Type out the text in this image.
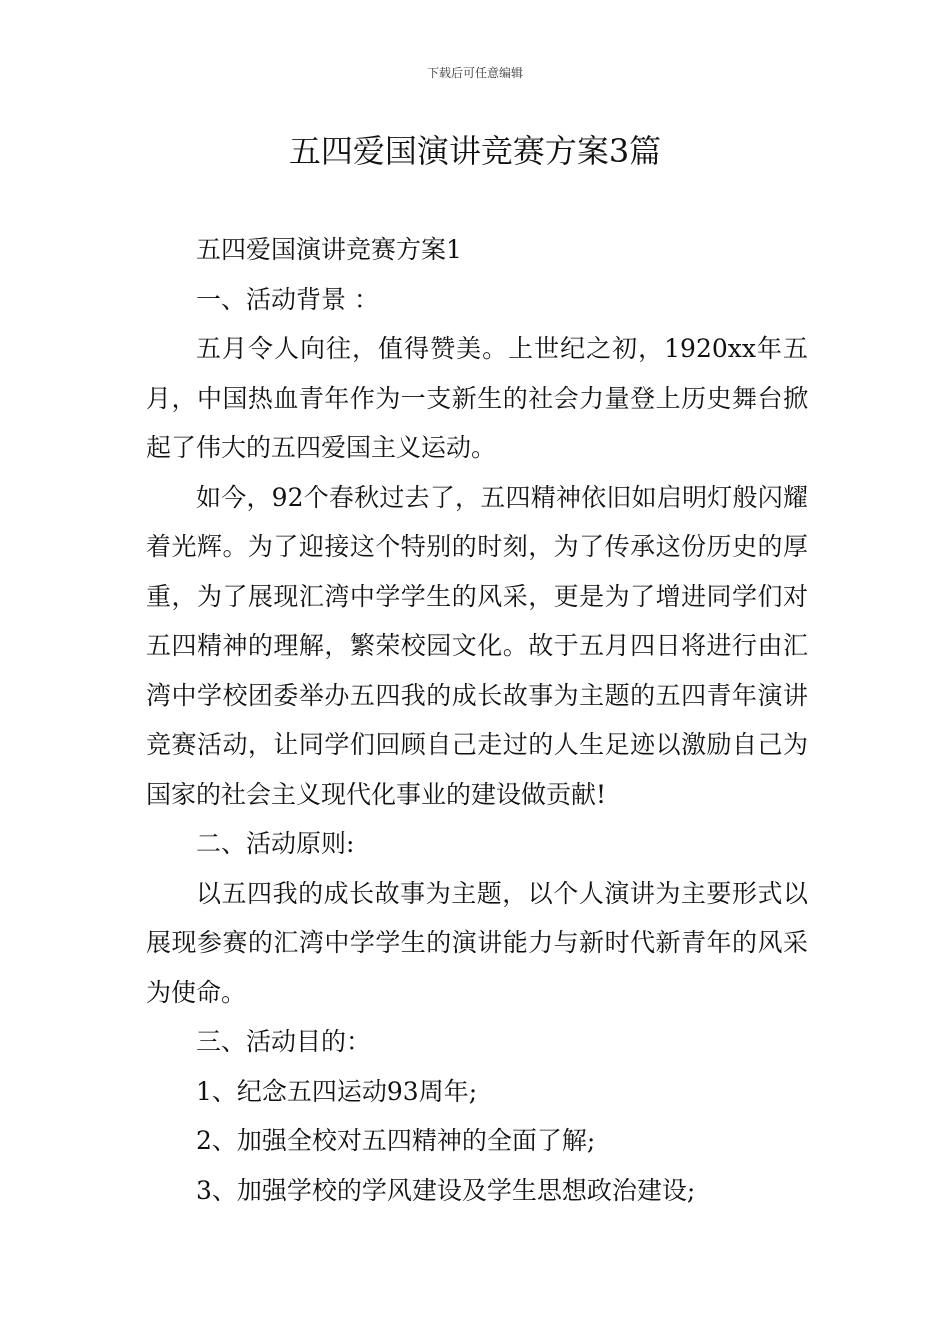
下载后可任意编辑
五四爱国演讲竞赛方案3篇

五四爱国演讲竞赛方案1

一、活动背景 ：

五月令人向往，值得赞美。上世纪之初，1920xx年五月，中国热血青年作为一支新生的社会力量登上历史舞台掀起了伟大的五四爱国主义运动。

如今，92个春秋过去了，五四精神依旧如启明灯般闪耀着光辉。为了迎接这个特别的时刻，为了传承这份历史的厚重，为了展现汇湾中学学生的风采，更是为了增进同学们对五四精神的理解，繁荣校园文化。故于五月四日将进行由汇湾中学校团委举办五四我的成长故事为主题的五四青年演讲竞赛活动，让同学们回顾自己走过的人生足迹以激励自己为国家的社会主义现代化事业的建设做贡献!

二、活动原则:

以五四我的成长故事为主题，以个人演讲为主要形式以展现参赛的汇湾中学学生的演讲能力与新时代新青年的风采为使命。

三、活动目的：

1、纪念五四运动93周年;

2、加强全校对五四精神的全面了解;

3、加强学校的学风建设及学生思想政治建设;
